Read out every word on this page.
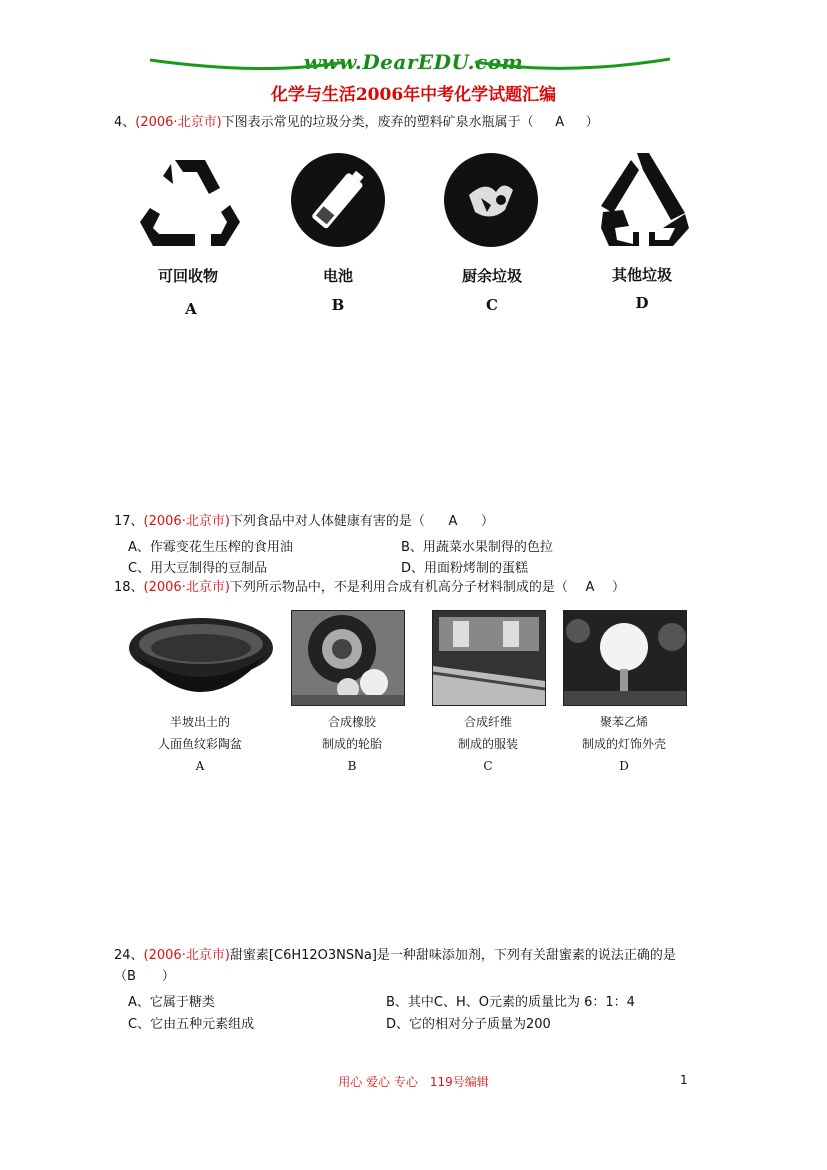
www.DearEDU.com
化学与生活2006年中考化学试题汇编
4、(2006·北京市)下图表示常见的垃圾分类，废弃的塑料矿泉水瓶属于（ A ）
可回收物	电池	厨余垃圾	其他垃圾
A	B	C	D
17、(2006·北京市)下列食品中对人体健康有害的是（ A ）
A、作霉变花生压榨的食用油	B、用蔬菜水果制得的色拉
C、用大豆制得的豆制品	D、用面粉烤制的蛋糕
18、(2006·北京市)下列所示物品中，不是利用合成有机高分子材料制成的是（ A ）
半坡出土的
人面鱼纹彩陶盆
A
合成橡胶
制成的轮胎
B
合成纤维
制成的服装
C
聚苯乙烯
制成的灯饰外壳
D
24、(2006·北京市)甜蜜素[C6H12O3NSNa]是一种甜味添加剂，下列有关甜蜜素的说法正确的是
（B　　）
A、它属于糖类	B、其中C、H、O元素的质量比为 6：1：4
C、它由五种元素组成	D、它的相对分子质量为200
用心 爱心 专心　119号编辑	1
